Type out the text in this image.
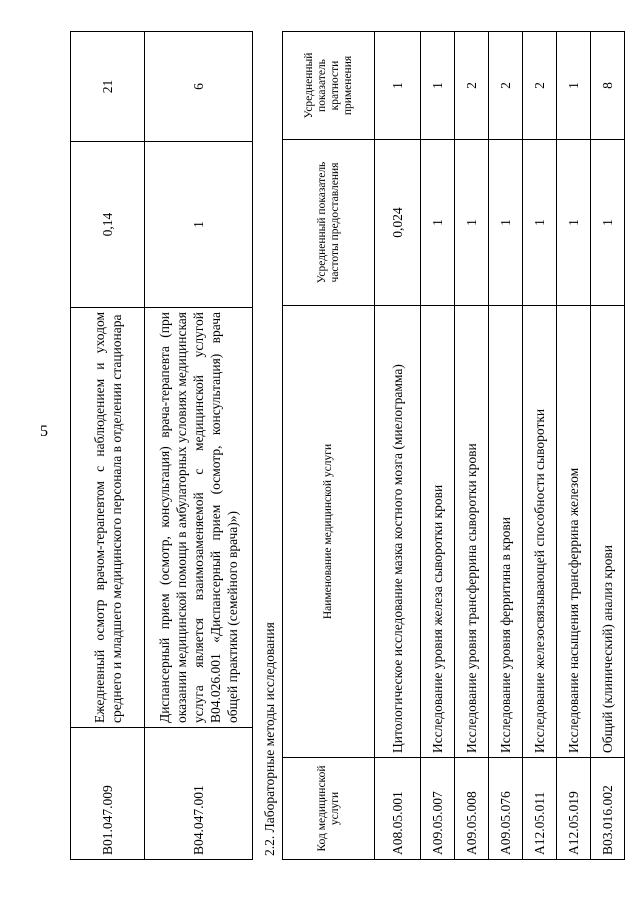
5
B01.047.009	Ежедневный осмотр врачом-терапевтом с наблюдением и уходом среднего и младшего медицинского персонала в отделении стационара	0,14	21
B04.047.001	Диспансерный прием (осмотр, консультация) врача-терапевта (при оказании медицинской помощи в амбулаторных условиях медицинская услуга является взаимозаменяемой с медицинской услугой B04.026.001 «Диспансерный прием (осмотр, консультация) врача общей практики (семейного врача)»)	1	6
2.2. Лабораторные методы исследования	Код медицинской услуги	Наименование медицинской услуги	Усредненный показатель частоты предоставления	Усредненный показатель кратности применения
A08.05.001	Цитологическое исследование мазка костного мозга (миелограмма)	0,024	1
A09.05.007	Исследование уровня железа сыворотки крови	1	1
A09.05.008	Исследование уровня трансферрина сыворотки крови	1	2
A09.05.076	Исследование уровня ферритина в крови	1	2
A12.05.011	Исследование железосвязывающей способности сыворотки	1	2
A12.05.019	Исследование насыщения трансферрина железом	1	1
B03.016.002	Общий (клинический) анализ крови	1	8
